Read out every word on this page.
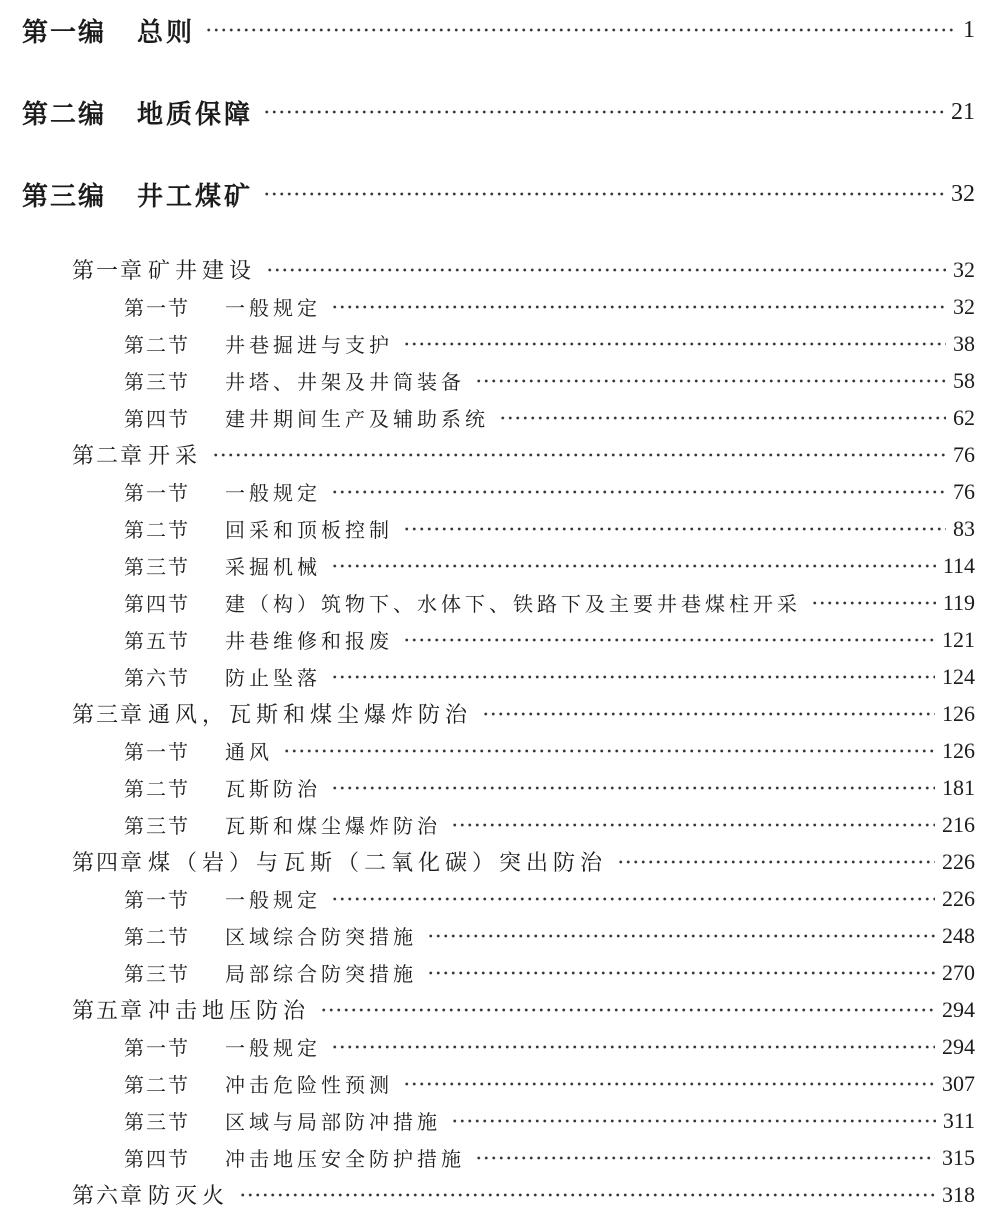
第一编	总则	1
第二编	地质保障	21
第三编	井工煤矿	32
第一章 矿井建设	32
第一节	一般规定	32
第二节	井巷掘进与支护	38
第三节	井塔、井架及井筒装备	58
第四节	建井期间生产及辅助系统	62
第二章 开采	76
第一节	一般规定	76
第二节	回采和顶板控制	83
第三节	采掘机械	114
第四节	建（构）筑物下、水体下、铁路下及主要井巷煤柱开采	119
第五节	井巷维修和报废	121
第六节	防止坠落	124
第三章 通风，瓦斯和煤尘爆炸防治	126
第一节	通风	126
第二节	瓦斯防治	181
第三节	瓦斯和煤尘爆炸防治	216
第四章 煤（岩）与瓦斯（二氧化碳）突出防治	226
第一节	一般规定	226
第二节	区域综合防突措施	248
第三节	局部综合防突措施	270
第五章 冲击地压防治	294
第一节	一般规定	294
第二节	冲击危险性预测	307
第三节	区域与局部防冲措施	311
第四节	冲击地压安全防护措施	315
第六章 防灭火	318
